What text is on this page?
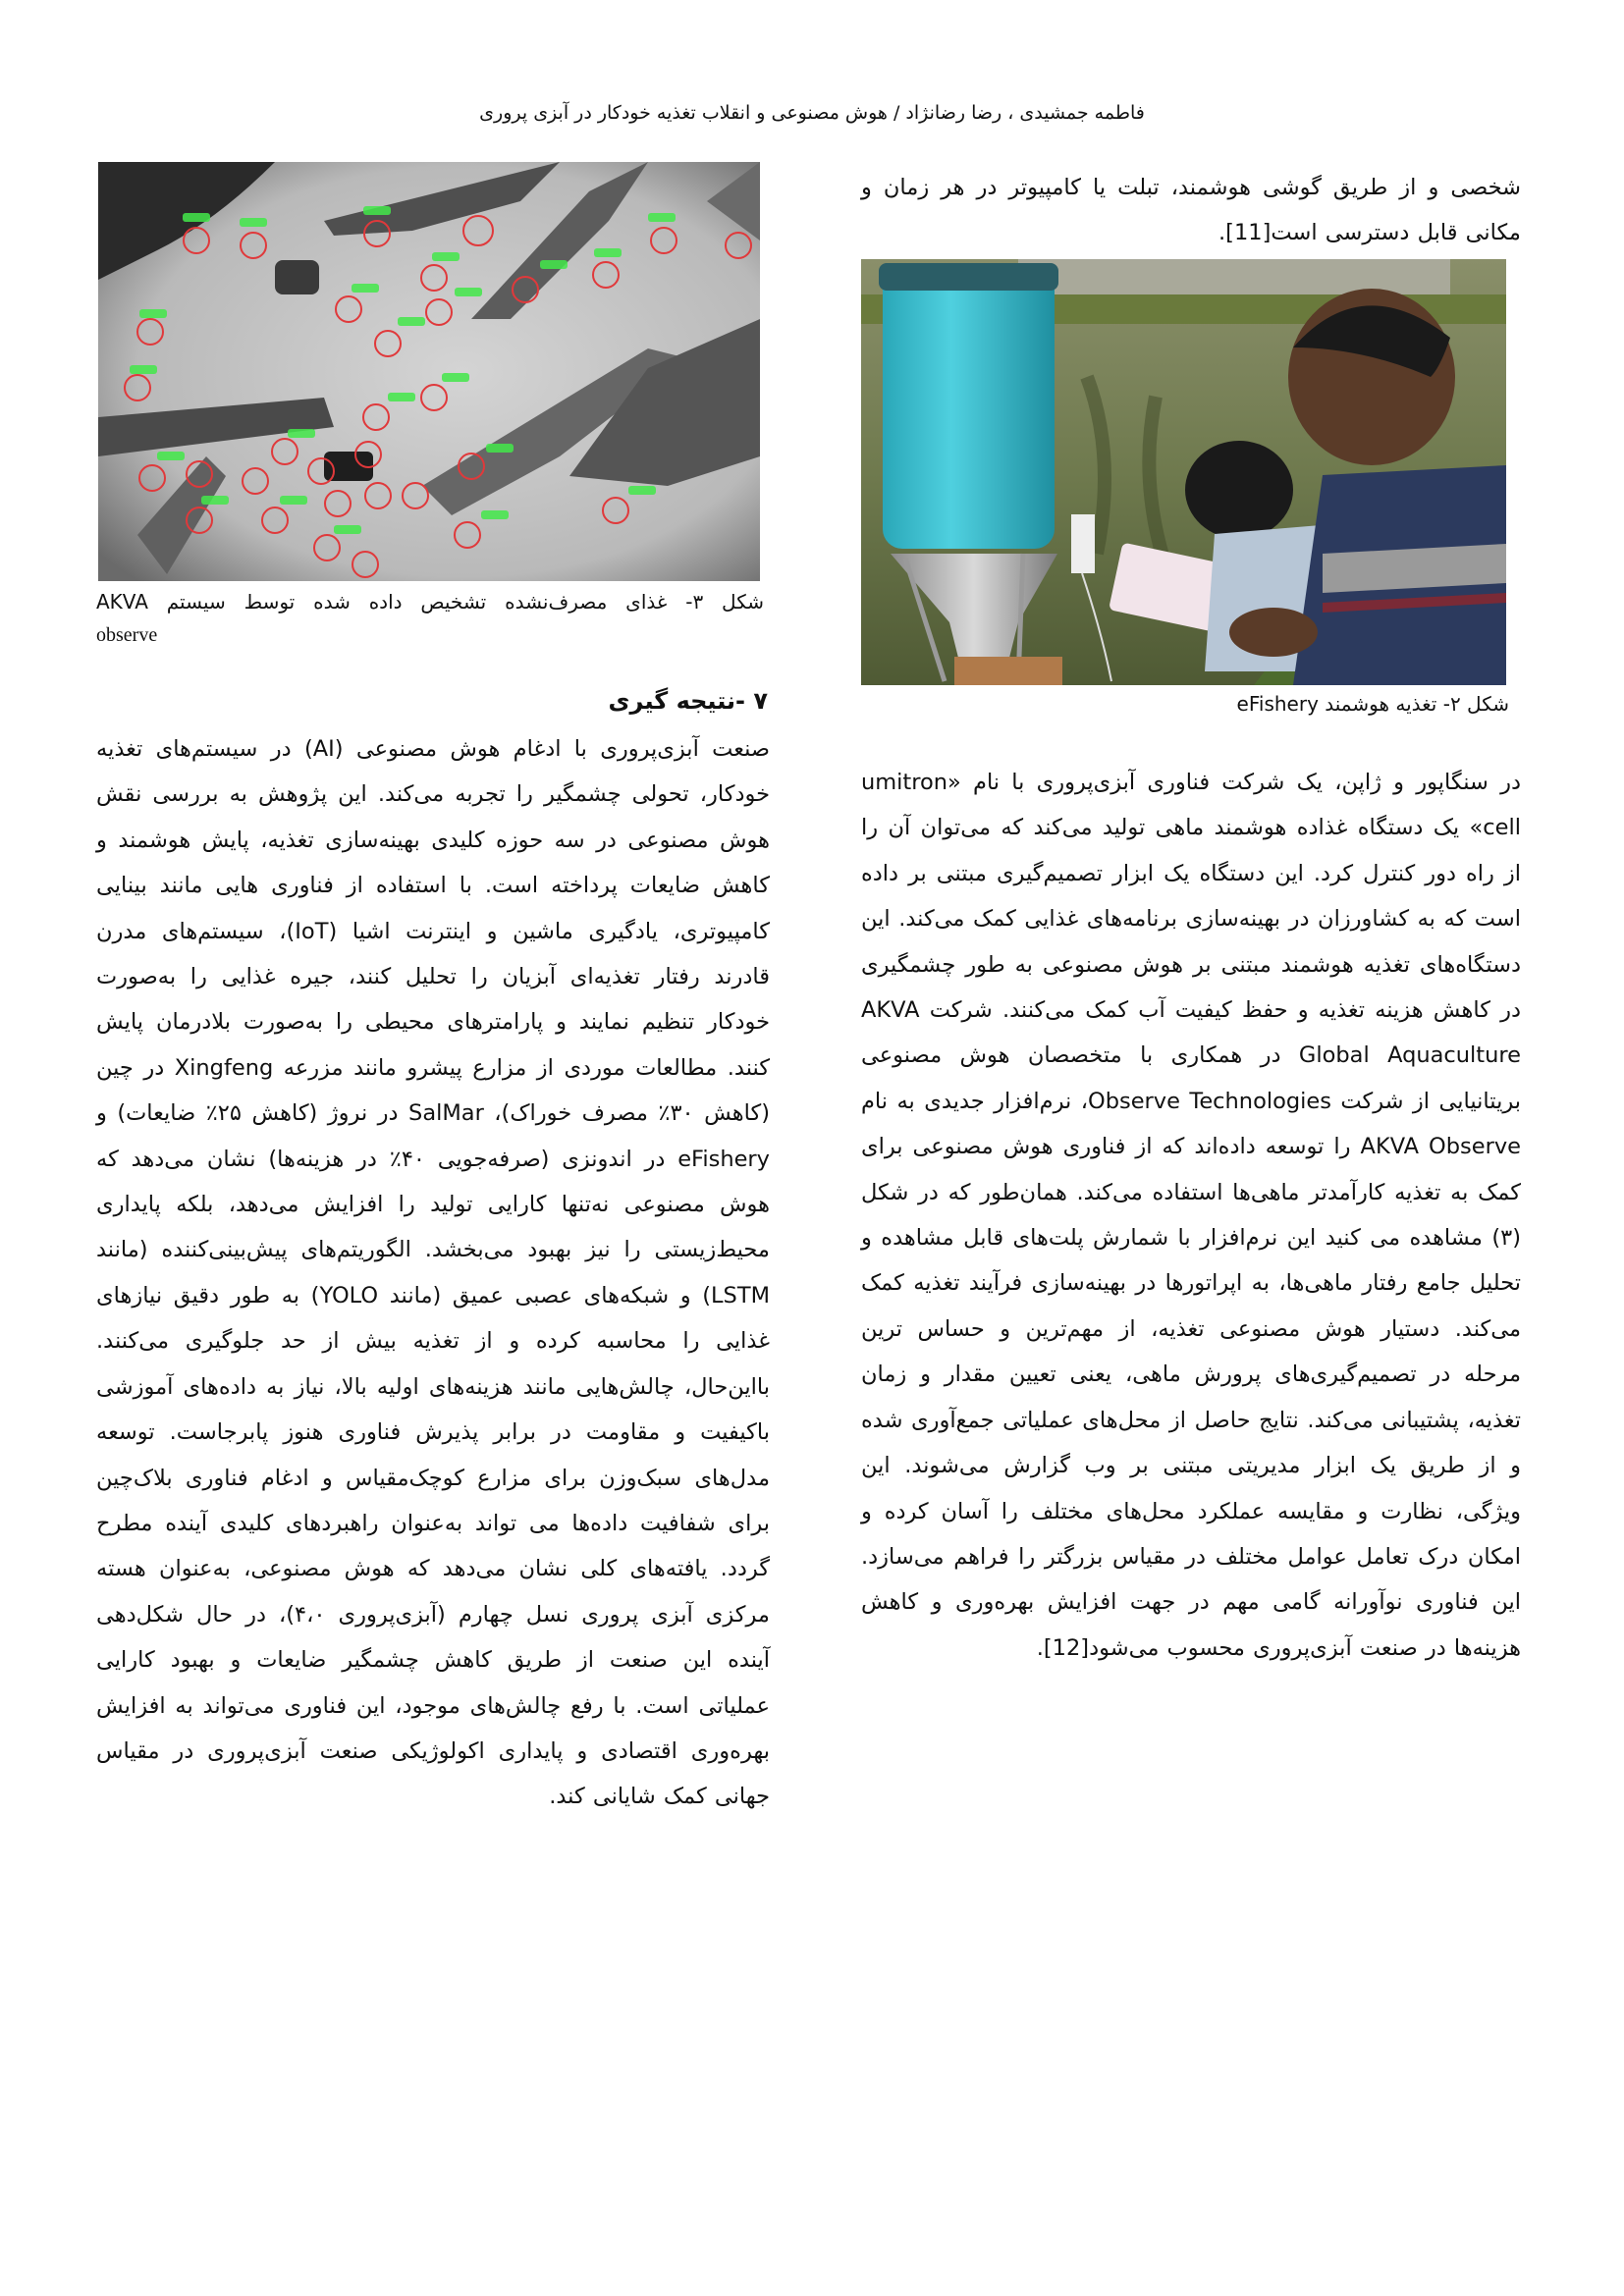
فاطمه جمشیدی ، رضا رضانژاد / هوش مصنوعی و انقلاب تغذیه خودکار در آبزی پروری

شخصی و از طریق گوشی هوشمند، تبلت یا کامپیوتر در هر زمان و مکانی قابل دسترسی است[11].

شکل ۲- تغذیه هوشمند eFishery

در سنگاپور و ژاپن، یک شرکت فناوری آبزی‌پروری با نام «umitron cell» یک دستگاه غذاده هوشمند ماهی تولید می‌کند که می‌توان آن را از راه دور کنترل کرد. این دستگاه یک ابزار تصمیم‌گیری مبتنی بر داده است که به کشاورزان در بهینه‌سازی برنامه‌های غذایی کمک می‌کند. این دستگاه‌های تغذیه هوشمند مبتنی بر هوش مصنوعی به طور چشمگیری در کاهش هزینه تغذیه و حفظ کیفیت آب کمک می‌کنند. شرکت AKVA Global Aquaculture در همکاری با متخصصان هوش مصنوعی بریتانیایی از شرکت Observe Technologies، نرم‌افزار جدیدی به نام AKVA Observe را توسعه داده‌اند که از فناوری هوش مصنوعی برای کمک به تغذیه کارآمدتر ماهی‌ها استفاده می‌کند. همان‌طور که در شکل (۳) مشاهده می کنید این نرم‌افزار با شمارش پلت‌های قابل مشاهده و تحلیل جامع رفتار ماهی‌ها، به اپراتورها در بهینه‌سازی فرآیند تغذیه کمک می‌کند. دستیار هوش مصنوعی تغذیه، از مهم‌ترین و حساس ترین مرحله در تصمیم‌گیری‌های پرورش ماهی، یعنی تعیین مقدار و زمان تغذیه، پشتیبانی می‌کند. نتایج حاصل از محل‌های عملیاتی جمع‌آوری شده و از طریق یک ابزار مدیریتی مبتنی بر وب گزارش می‌شوند. این ویژگی، نظارت و مقایسه عملکرد محل‌های مختلف را آسان کرده و امکان درک تعامل عوامل مختلف در مقیاس بزرگتر را فراهم می‌سازد. این فناوری نوآورانه گامی مهم در جهت افزایش بهره‌وری و کاهش هزینه‌ها در صنعت آبزی‌پروری محسوب می‌شود[12].

شکل ۳- غذای مصرف‌نشده تشخیص داده شده توسط سیستم AKVA
observe
۷ -نتیجه گیری

صنعت آبزی‌پروری با ادغام هوش مصنوعی (AI) در سیستم‌های تغذیه خودکار، تحولی چشمگیر را تجربه می‌کند. این پژوهش به بررسی نقش هوش مصنوعی در سه حوزه کلیدی بهینه‌سازی تغذیه، پایش هوشمند و کاهش ضایعات پرداخته است. با استفاده از فناوری هایی مانند بینایی کامپیوتری، یادگیری ماشین و اینترنت اشیا (IoT)، سیستم‌های مدرن قادرند رفتار تغذیه‌ای آبزیان را تحلیل کنند، جیره غذایی را به‌صورت خودکار تنظیم نمایند و پارامترهای محیطی را به‌صورت بلادرمان پایش کنند. مطالعات موردی از مزارع پیشرو مانند مزرعه Xingfeng در چین (کاهش ۳۰٪ مصرف خوراک)، SalMar در نروژ (کاهش ۲۵٪ ضایعات) و eFishery در اندونزی (صرفه‌جویی ۴۰٪ در هزینه‌ها) نشان می‌دهد که هوش مصنوعی نه‌تنها کارایی تولید را افزایش می‌دهد، بلکه پایداری محیط‌زیستی را نیز بهبود می‌بخشد. الگوریتم‌های پیش‌بینی‌کننده (مانند LSTM) و شبکه‌های عصبی عمیق (مانند YOLO) به طور دقیق نیازهای غذایی را محاسبه کرده و از تغذیه بیش از حد جلوگیری می‌کنند. بااین‌حال، چالش‌هایی مانند هزینه‌های اولیه بالا، نیاز به داده‌های آموزشی باکیفیت و مقاومت در برابر پذیرش فناوری هنوز پابرجاست. توسعه مدل‌های سبک‌وزن برای مزارع کوچک‌مقیاس و ادغام فناوری بلاک‌چین برای شفافیت داده‌ها می تواند به‌عنوان راهبردهای کلیدی آینده مطرح گردد. یافته‌های کلی نشان می‌دهد که هوش مصنوعی، به‌عنوان هسته مرکزی آبزی پروری نسل چهارم (آبزی‌پروری ۴،۰)، در حال شکل‌دهی آینده این صنعت از طریق کاهش چشمگیر ضایعات و بهبود کارایی عملیاتی است. با رفع چالش‌های موجود، این فناوری می‌تواند به افزایش بهره‌وری اقتصادی و پایداری اکولوژیکی صنعت آبزی‌پروری در مقیاس جهانی کمک شایانی کند.
